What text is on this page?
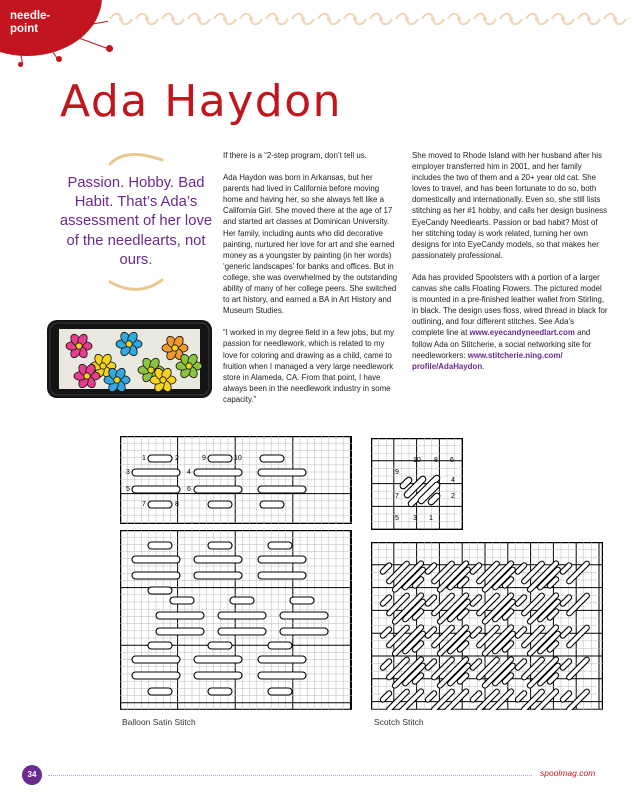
needle-
point
Ada Haydon
Passion. Hobby. Bad Habit. That’s Ada’s assessment of her love of the needlearts, not ours.

If there is a “2-step program, don’t tell us.

Ada Haydon was born in Arkansas, but her parents had lived in California before moving home and having her, so she always felt like a California Girl. She moved there at the age of 17 and started art classes at Dominican University. Her family, including aunts who did decorative painting, nurtured her love for art and she earned money as a youngster by painting (in her words) ‘generic landscapes’ for banks and offices. But in college, she was overwhelmed by the outstanding ability of many of her college peers. She switched to art history, and earned a BA in Art History and Museum Studies.

“I worked in my degree field in a few jobs, but my passion for needlework, which is related to my love for coloring and drawing as a child, came to fruition when I managed a very large needlework store in Alameda, CA. From that point, I have always been in the needlework industry in some capacity.”

She moved to Rhode Island with her husband after his employer transferred him in 2001, and her family includes the two of them and a 20+ year old cat. She loves to travel, and has been fortunate to do so, both domestically and internationally. Even so, she still lists stitching as her #1 hobby, and calls her design business EyeCandy Needlearts. Passion or bad habit? Most of her stitching today is work related, turning her own designs for into EyeCandy models, so that makes her passionately professional.

Ada has provided Spoolsters with a portion of a larger canvas she calls Floating Flowers. The pictured model is mounted in a pre-finished leather wallet from Stirling, in black. The design uses floss, wired thread in black for outlining, and four different stitches. See Ada’s complete line at www.eyecandyneedlart.com and follow Ada on Stitcherie, a social networking site for needleworkers: www.stitcherie.ning.com/ profile/AdaHaydon.

1	2	9	10
3	4
5	6
7	8
Balloon Satin Stitch
10 8 6
9
4
7	2
5 3 1
Scotch Stitch
34	spoolmag.com
